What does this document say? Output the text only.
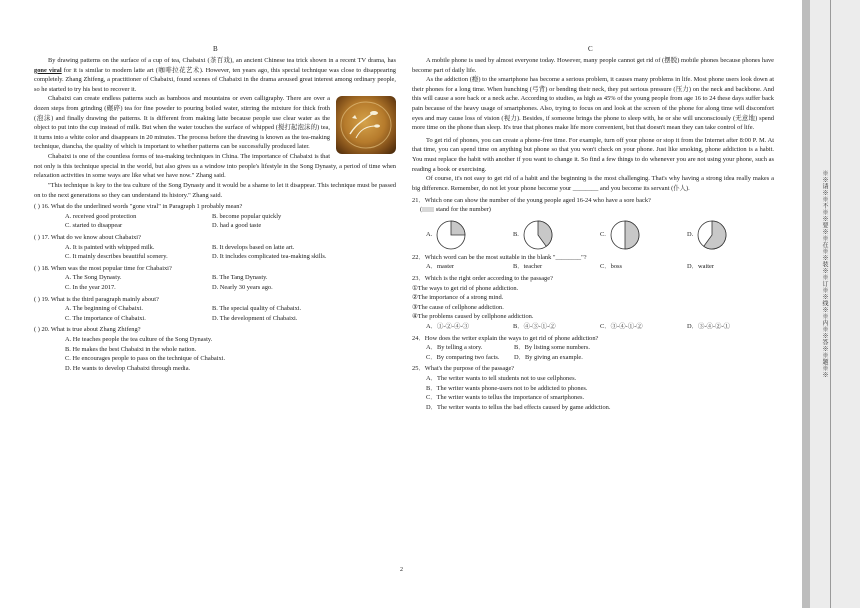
B	C

By drawing patterns on the surface of a cup of tea, Chabaixi (茶百戏), an ancient Chinese tea trick shown in a recent TV drama, has gone viral for it is similar to modern latte art (咖啡拉花艺术). However, ten years ago, this special technique was close to disappearing completely. Zhang Zhifeng, a practitioner of Chabaixi, found scenes of Chabaixi in the drama aroused great interest among ordinary people, so he started to try his best to recover it.

Chabaixi can create endless patterns such as bamboos and mountains or even calligraphy. There are over a dozen steps from grinding (碾碎) tea for fine powder to pouring boiled water, stirring the mixture for thick froth (泡沫) and finally drawing the patterns. It is different from making latte because people use clear water as the object to put into the cup instead of milk. But when the water touches the surface of whipped (搅打起泡沫的) tea, it turns into a white color and disappears in 20 minutes. The process before the drawing is known as the tea-making technique, diancha, the quality of which is important to whether patterns can be successfully produced later.

Chabaixi is one of the countless forms of tea-making techniques in China. The importance of Chabaixi is that not only is this technique special in the world, but also gives us a window into people's lifestyle in the Song Dynasty, a period of time when relaxation activities in some ways are like what we have now." Zhang said.

"This technique is key to the tea culture of the Song Dynasty and it would be a shame to let it disappear. This technique must be passed on to the next generations so they can understand its history." Zhang said.

( ) 16. What do the underlined words "gone viral" in Paragraph 1 probably mean?
A. received good protection	B. become popular quickly
C. started to disappear	D. had a good taste
( ) 17. What do we know about Chabaixi?
A. It is painted with whipped milk.	B. It develops based on latte art.
C. It mainly describes beautiful scenery.	D. It includes complicated tea-making skills.
( ) 18. When was the most popular time for Chabaixi?
A. The Song Dynasty.	B. The Tang Dynasty.
C. In the year 2017.	D. Nearly 30 years ago.
( ) 19. What is the third paragraph mainly about?
A. The beginning of Chabaixi.	B. The special quality of Chabaixi.
C. The importance of Chabaixi.	D. The development of Chabaixi.
( ) 20. What is true about Zhang Zhifeng?
A. He teaches people the tea culture of the Song Dynasty.
B. He makes the best Chabaixi in the whole nation.
C. He encourages people to pass on the technique of Chabaixi.
D. He wants to develop Chabaixi through media.

A mobile phone is used by almost everyone today. However, many people cannot get rid of (摆脱) mobile phones because phones have become part of daily life.

As the addiction (瘾) to the smartphone has become a serious problem, it causes many problems in life. Most phone users look down at their phones for a long time. When hunching (弓背) or bending their neck, they put serious pressure (压力) on the neck and backbone. And this will cause a sore back or a neck ache. According to studies, as high as 45% of the young people from age 16 to 24 these days suffer back pain because of the heavy usage of smartphones. Also, trying to focus on and look at the screen of the phone for along time will discomfort eyes and may cause loss of vision (视力). Besides, if someone brings the phone to sleep with, he or she will unconsciously (无意地) spend more time on the phone than sleep. It's true that phones make life more convenient, but that doesn't mean they can take control of life.

To get rid of phones, you can create a phone-free time. For example, turn off your phone or stop it from the Internet after 8:00 P. M. At that time, you can spend time on anything but phone so that you won't check on your phone. Just like smoking, phone addiction is a habit. You must replace the habit with another if you want to change it. So find a few things to do whenever you are not using your phone, such as reading a book or exercising.

Of course, it's not easy to get rid of a habit and the beginning is the most challenging. That's why having a strong idea really makes a big difference. Remember, do not let your phone become your ________ and you become its servant (仆人).

21．Which one can show the number of the young people aged 16-24 who have a sore back?
( stand for the number)
A.	B.	C.	D.
22．Which word can be the most suitable in the blank "________"?
A．master	B．teacher	C．boss	D．waiter
23．Which is the right order according to the passage?
①The ways to get rid of phone addiction.
②The importance of a strong mind.
③The cause of cellphone addiction.
④The problems caused by cellphone addiction.
A．①-②-④-③	B．④-③-①-②	C．③-④-①-②	D．③-④-②-①
24．How does the writer explain the ways to get rid of phone addiction?
A．By telling a story.	B．By listing some numbers.
C．By comparing two facts.	D．By giving an example.
25．What's the purpose of the passage?
A．The writer wants to tell students not to use cellphones.
B．The writer wants phone-users not to be addicted to phones.
C．The writer wants to tellus the importance of smartphones.
D．The writer wants to tellus the bad effects caused by game addiction.
2
※※请※※不※※要※※在※※装※※订※※线※※内※※答※※题※※
